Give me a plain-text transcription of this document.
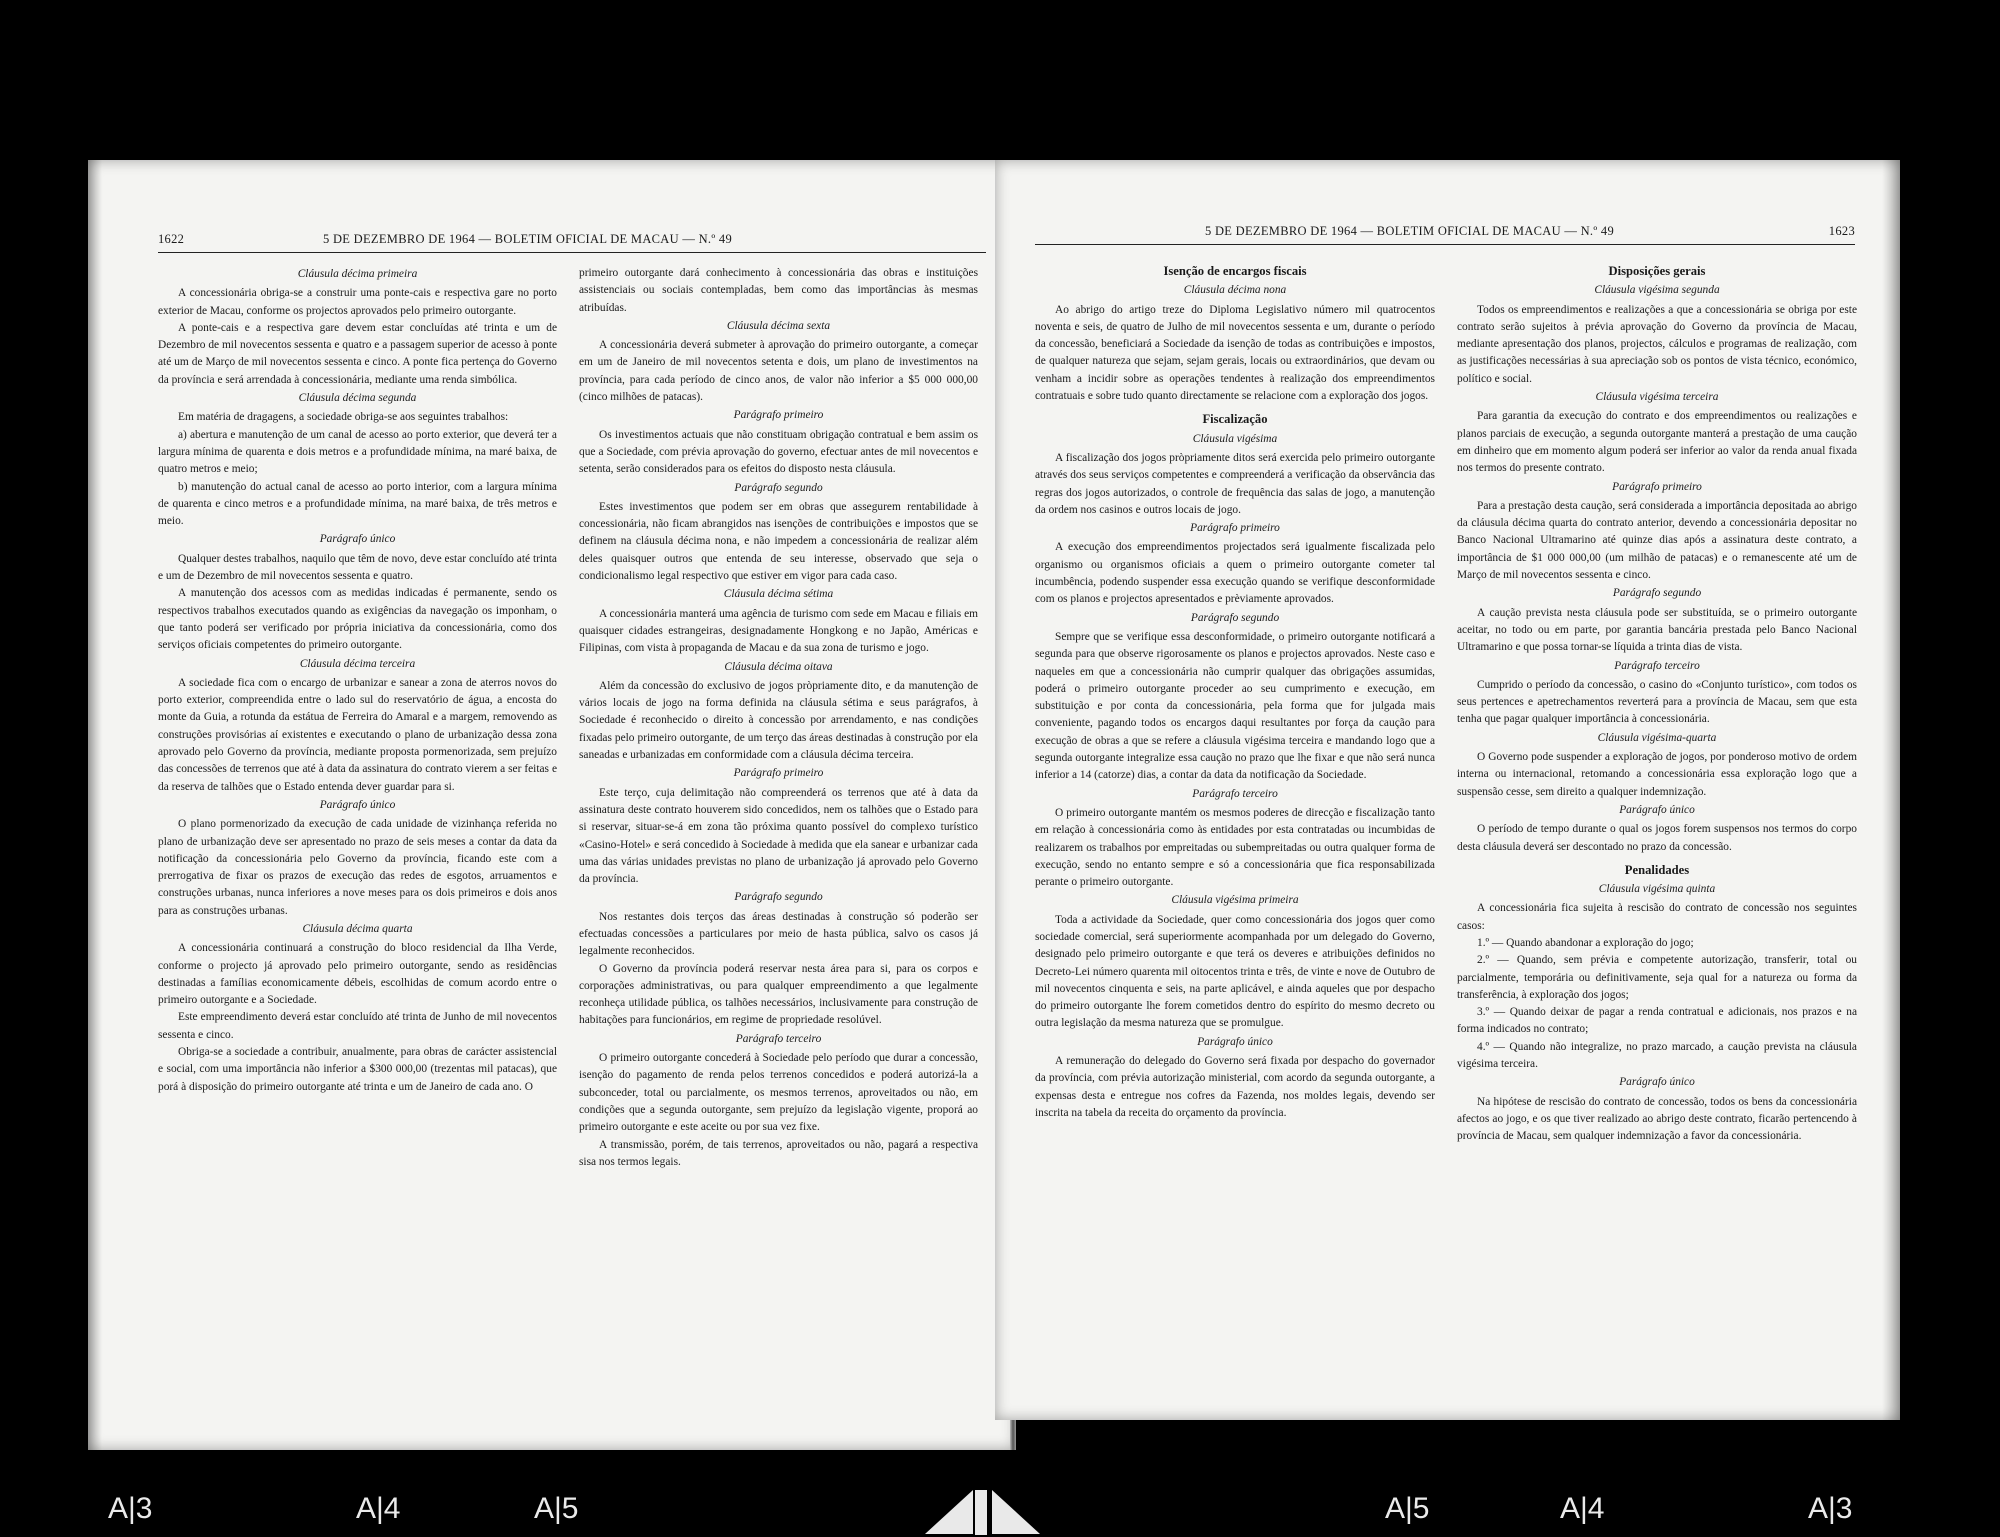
1622	5 DE DEZEMBRO DE 1964 — BOLETIM OFICIAL DE MACAU — N.º 49

Cláusula décima primeira

A concessionária obriga-se a construir uma ponte-cais e respectiva gare no porto exterior de Macau, conforme os projectos aprovados pelo primeiro outorgante.

A ponte-cais e a respectiva gare devem estar concluídas até trinta e um de Dezembro de mil novecentos sessenta e quatro e a passagem superior de acesso à ponte até um de Março de mil novecentos sessenta e cinco. A ponte fica pertença do Governo da província e será arrendada à concessionária, mediante uma renda simbólica.

Cláusula décima segunda

Em matéria de dragagens, a sociedade obriga-se aos seguintes trabalhos:

a) abertura e manutenção de um canal de acesso ao porto exterior, que deverá ter a largura mínima de quarenta e dois metros e a profundidade mínima, na maré baixa, de quatro metros e meio;

b) manutenção do actual canal de acesso ao porto interior, com a largura mínima de quarenta e cinco metros e a profundidade mínima, na maré baixa, de três metros e meio.

Parágrafo único

Qualquer destes trabalhos, naquilo que têm de novo, deve estar concluído até trinta e um de Dezembro de mil novecentos sessenta e quatro.

A manutenção dos acessos com as medidas indicadas é permanente, sendo os respectivos trabalhos executados quando as exigências da navegação os imponham, o que tanto poderá ser verificado por própria iniciativa da concessionária, como dos serviços oficiais competentes do primeiro outorgante.

Cláusula décima terceira

A sociedade fica com o encargo de urbanizar e sanear a zona de aterros novos do porto exterior, compreendida entre o lado sul do reservatório de água, a encosta do monte da Guia, a rotunda da estátua de Ferreira do Amaral e a margem, removendo as construções provisórias aí existentes e executando o plano de urbanização dessa zona aprovado pelo Governo da província, mediante proposta pormenorizada, sem prejuízo das concessões de terrenos que até à data da assinatura do contrato vierem a ser feitas e da reserva de talhões que o Estado entenda dever guardar para si.

Parágrafo único

O plano pormenorizado da execução de cada unidade de vizinhança referida no plano de urbanização deve ser apresentado no prazo de seis meses a contar da data da notificação da concessionária pelo Governo da província, ficando este com a prerrogativa de fixar os prazos de execução das redes de esgotos, arruamentos e construções urbanas, nunca inferiores a nove meses para os dois primeiros e dois anos para as construções urbanas.

Cláusula décima quarta

A concessionária continuará a construção do bloco residencial da Ilha Verde, conforme o projecto já aprovado pelo primeiro outorgante, sendo as residências destinadas a famílias economicamente débeis, escolhidas de comum acordo entre o primeiro outorgante e a Sociedade.

Este empreendimento deverá estar concluído até trinta de Junho de mil novecentos sessenta e cinco.

Obriga-se a sociedade a contribuir, anualmente, para obras de carácter assistencial e social, com uma importância não inferior a $300 000,00 (trezentas mil patacas), que porá à disposição do primeiro outorgante até trinta e um de Janeiro de cada ano. O

primeiro outorgante dará conhecimento à concessionária das obras e instituições assistenciais ou sociais contempladas, bem como das importâncias às mesmas atribuídas.

Cláusula décima sexta

A concessionária deverá submeter à aprovação do primeiro outorgante, a começar em um de Janeiro de mil novecentos setenta e dois, um plano de investimentos na província, para cada período de cinco anos, de valor não inferior a $5 000 000,00 (cinco milhões de patacas).

Parágrafo primeiro

Os investimentos actuais que não constituam obrigação contratual e bem assim os que a Sociedade, com prévia aprovação do governo, efectuar antes de mil novecentos e setenta, serão considerados para os efeitos do disposto nesta cláusula.

Parágrafo segundo

Estes investimentos que podem ser em obras que assegurem rentabilidade à concessionária, não ficam abrangidos nas isenções de contribuições e impostos que se definem na cláusula décima nona, e não impedem a concessionária de realizar além deles quaisquer outros que entenda de seu interesse, observado que seja o condicionalismo legal respectivo que estiver em vigor para cada caso.

Cláusula décima sétima

A concessionária manterá uma agência de turismo com sede em Macau e filiais em quaisquer cidades estrangeiras, designadamente Hongkong e no Japão, Américas e Filipinas, com vista à propaganda de Macau e da sua zona de turismo e jogo.

Cláusula décima oitava

Além da concessão do exclusivo de jogos pròpriamente dito, e da manutenção de vários locais de jogo na forma definida na cláusula sétima e seus parágrafos, à Sociedade é reconhecido o direito à concessão por arrendamento, e nas condições fixadas pelo primeiro outorgante, de um terço das áreas destinadas à construção por ela saneadas e urbanizadas em conformidade com a cláusula décima terceira.

Parágrafo primeiro

Este terço, cuja delimitação não compreenderá os terrenos que até à data da assinatura deste contrato houverem sido concedidos, nem os talhões que o Estado para si reservar, situar-se-á em zona tão próxima quanto possível do complexo turístico «Casino-Hotel» e será concedido à Sociedade à medida que ela sanear e urbanizar cada uma das várias unidades previstas no plano de urbanização já aprovado pelo Governo da província.

Parágrafo segundo

Nos restantes dois terços das áreas destinadas à construção só poderão ser efectuadas concessões a particulares por meio de hasta pública, salvo os casos já legalmente reconhecidos.

O Governo da província poderá reservar nesta área para si, para os corpos e corporações administrativas, ou para qualquer empreendimento a que legalmente reconheça utilidade pública, os talhões necessários, inclusivamente para construção de habitações para funcionários, em regime de propriedade resolúvel.

Parágrafo terceiro

O primeiro outorgante concederá à Sociedade pelo período que durar a concessão, isenção do pagamento de renda pelos terrenos concedidos e poderá autorizá-la a subconceder, total ou parcialmente, os mesmos terrenos, aproveitados ou não, em condições que a segunda outorgante, sem prejuízo da legislação vigente, proporá ao primeiro outorgante e este aceite ou por sua vez fixe.

A transmissão, porém, de tais terrenos, aproveitados ou não, pagará a respectiva sisa nos termos legais.

5 DE DEZEMBRO DE 1964 — BOLETIM OFICIAL DE MACAU — N.º 49	1623

Isenção de encargos fiscais

Cláusula décima nona

Ao abrigo do artigo treze do Diploma Legislativo número mil quatrocentos noventa e seis, de quatro de Julho de mil novecentos sessenta e um, durante o período da concessão, beneficiará a Sociedade da isenção de todas as contribuições e impostos, de qualquer natureza que sejam, sejam gerais, locais ou extraordinários, que devam ou venham a incidir sobre as operações tendentes à realização dos empreendimentos contratuais e sobre tudo quanto directamente se relacione com a exploração dos jogos.

Fiscalização

Cláusula vigésima

A fiscalização dos jogos pròpriamente ditos será exercida pelo primeiro outorgante através dos seus serviços competentes e compreenderá a verificação da observância das regras dos jogos autorizados, o controle de frequência das salas de jogo, a manutenção da ordem nos casinos e outros locais de jogo.

Parágrafo primeiro

A execução dos empreendimentos projectados será igualmente fiscalizada pelo organismo ou organismos oficiais a quem o primeiro outorgante cometer tal incumbência, podendo suspender essa execução quando se verifique desconformidade com os planos e projectos apresentados e prèviamente aprovados.

Parágrafo segundo

Sempre que se verifique essa desconformidade, o primeiro outorgante notificará a segunda para que observe rigorosamente os planos e projectos aprovados. Neste caso e naqueles em que a concessionária não cumprir qualquer das obrigações assumidas, poderá o primeiro outorgante proceder ao seu cumprimento e execução, em substituição e por conta da concessionária, pela forma que for julgada mais conveniente, pagando todos os encargos daqui resultantes por força da caução para execução de obras a que se refere a cláusula vigésima terceira e mandando logo que a segunda outorgante integralize essa caução no prazo que lhe fixar e que não será nunca inferior a 14 (catorze) dias, a contar da data da notificação da Sociedade.

Parágrafo terceiro

O primeiro outorgante mantém os mesmos poderes de direcção e fiscalização tanto em relação à concessionária como às entidades por esta contratadas ou incumbidas de realizarem os trabalhos por empreitadas ou subempreitadas ou outra qualquer forma de execução, sendo no entanto sempre e só a concessionária que fica responsabilizada perante o primeiro outorgante.

Cláusula vigésima primeira

Toda a actividade da Sociedade, quer como concessionária dos jogos quer como sociedade comercial, será superiormente acompanhada por um delegado do Governo, designado pelo primeiro outorgante e que terá os deveres e atribuições definidos no Decreto-Lei número quarenta mil oitocentos trinta e três, de vinte e nove de Outubro de mil novecentos cinquenta e seis, na parte aplicável, e ainda aqueles que por despacho do primeiro outorgante lhe forem cometidos dentro do espírito do mesmo decreto ou outra legislação da mesma natureza que se promulgue.

Parágrafo único

A remuneração do delegado do Governo será fixada por despacho do governador da província, com prévia autorização ministerial, com acordo da segunda outorgante, a expensas desta e entregue nos cofres da Fazenda, nos moldes legais, devendo ser inscrita na tabela da receita do orçamento da província.

Disposições gerais

Cláusula vigésima segunda

Todos os empreendimentos e realizações a que a concessionária se obriga por este contrato serão sujeitos à prévia aprovação do Governo da província de Macau, mediante apresentação dos planos, projectos, cálculos e programas de realização, com as justificações necessárias à sua apreciação sob os pontos de vista técnico, económico, político e social.

Cláusula vigésima terceira

Para garantia da execução do contrato e dos empreendimentos ou realizações e planos parciais de execução, a segunda outorgante manterá a prestação de uma caução em dinheiro que em momento algum poderá ser inferior ao valor da renda anual fixada nos termos do presente contrato.

Parágrafo primeiro

Para a prestação desta caução, será considerada a importância depositada ao abrigo da cláusula décima quarta do contrato anterior, devendo a concessionária depositar no Banco Nacional Ultramarino até quinze dias após a assinatura deste contrato, a importância de $1 000 000,00 (um milhão de patacas) e o remanescente até um de Março de mil novecentos sessenta e cinco.

Parágrafo segundo

A caução prevista nesta cláusula pode ser substituída, se o primeiro outorgante aceitar, no todo ou em parte, por garantia bancária prestada pelo Banco Nacional Ultramarino e que possa tornar-se líquida a trinta dias de vista.

Parágrafo terceiro

Cumprido o período da concessão, o casino do «Conjunto turístico», com todos os seus pertences e apetrechamentos reverterá para a província de Macau, sem que esta tenha que pagar qualquer importância à concessionária.

Cláusula vigésima-quarta

O Governo pode suspender a exploração de jogos, por ponderoso motivo de ordem interna ou internacional, retomando a concessionária essa exploração logo que a suspensão cesse, sem direito a qualquer indemnização.

Parágrafo único

O período de tempo durante o qual os jogos forem suspensos nos termos do corpo desta cláusula deverá ser descontado no prazo da concessão.

Penalidades

Cláusula vigésima quinta

A concessionária fica sujeita à rescisão do contrato de concessão nos seguintes casos:

1.º — Quando abandonar a exploração do jogo;

2.º — Quando, sem prévia e competente autorização, transferir, total ou parcialmente, temporária ou definitivamente, seja qual for a natureza ou forma da transferência, à exploração dos jogos;

3.º — Quando deixar de pagar a renda contratual e adicionais, nos prazos e na forma indicados no contrato;

4.º — Quando não integralize, no prazo marcado, a caução prevista na cláusula vigésima terceira.

Parágrafo único

Na hipótese de rescisão do contrato de concessão, todos os bens da concessionária afectos ao jogo, e os que tiver realizado ao abrigo deste contrato, ficarão pertencendo à província de Macau, sem qualquer indemnização a favor da concessionária.

A|3	A|4	A|5	A|5	A|4	A|3
